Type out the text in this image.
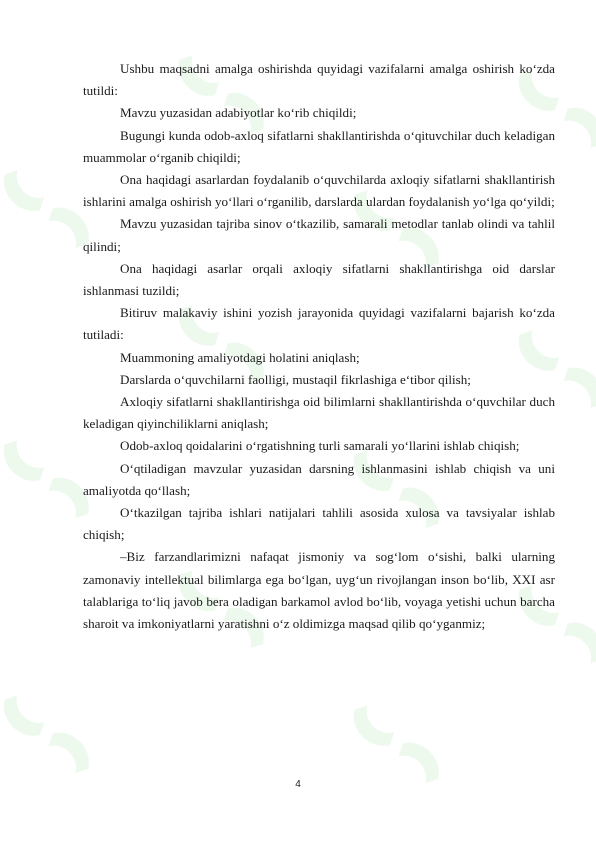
Ushbu maqsadni amalga oshirishda quyidagi vazifalarni amalga oshirish ko‘zda tutildi:

Mavzu yuzasidan adabiyotlar ko‘rib chiqildi;

Bugungi kunda odob-axloq sifatlarni shakllantirishda o‘qituvchilar duch keladigan muammolar o‘rganib chiqildi;

Ona haqidagi asarlardan foydalanib o‘quvchilarda axloqiy sifatlarni shakllantirish ishlarini amalga oshirish yo‘llari o‘rganilib, darslarda ulardan foydalanish yo‘lga qo‘yildi;

Mavzu yuzasidan tajriba sinov o‘tkazilib, samarali metodlar tanlab olindi va tahlil qilindi;

Ona haqidagi asarlar orqali axloqiy sifatlarni shakllantirishga oid darslar ishlanmasi tuzildi;

Bitiruv malakaviy ishini yozish jarayonida quyidagi vazifalarni bajarish ko‘zda tutiladi:

Muammoning amaliyotdagi holatini aniqlash;

Darslarda o‘quvchilarni faolligi, mustaqil fikrlashiga e‘tibor qilish;

Axloqiy sifatlarni shakllantirishga oid bilimlarni shakllantirishda o‘quvchilar duch keladigan qiyinchiliklarni aniqlash;

Odob-axloq qoidalarini o‘rgatishning turli samarali yo‘llarini ishlab chiqish;

O‘qtiladigan mavzular yuzasidan darsning ishlanmasini ishlab chiqish va uni amaliyotda qo‘llash;

O‘tkazilgan tajriba ishlari natijalari tahlili asosida xulosa va tavsiyalar ishlab chiqish;

–Biz farzandlarimizni nafaqat jismoniy va sog‘lom o‘sishi, balki ularning zamonaviy intellektual bilimlarga ega bo‘lgan, uyg‘un rivojlangan inson bo‘lib, XXI asr talablariga to‘liq javob bera oladigan barkamol avlod bo‘lib, voyaga yetishi uchun barcha sharoit va imkoniyatlarni yaratishni o‘z oldimizga maqsad qilib qo‘yganmiz;

4
